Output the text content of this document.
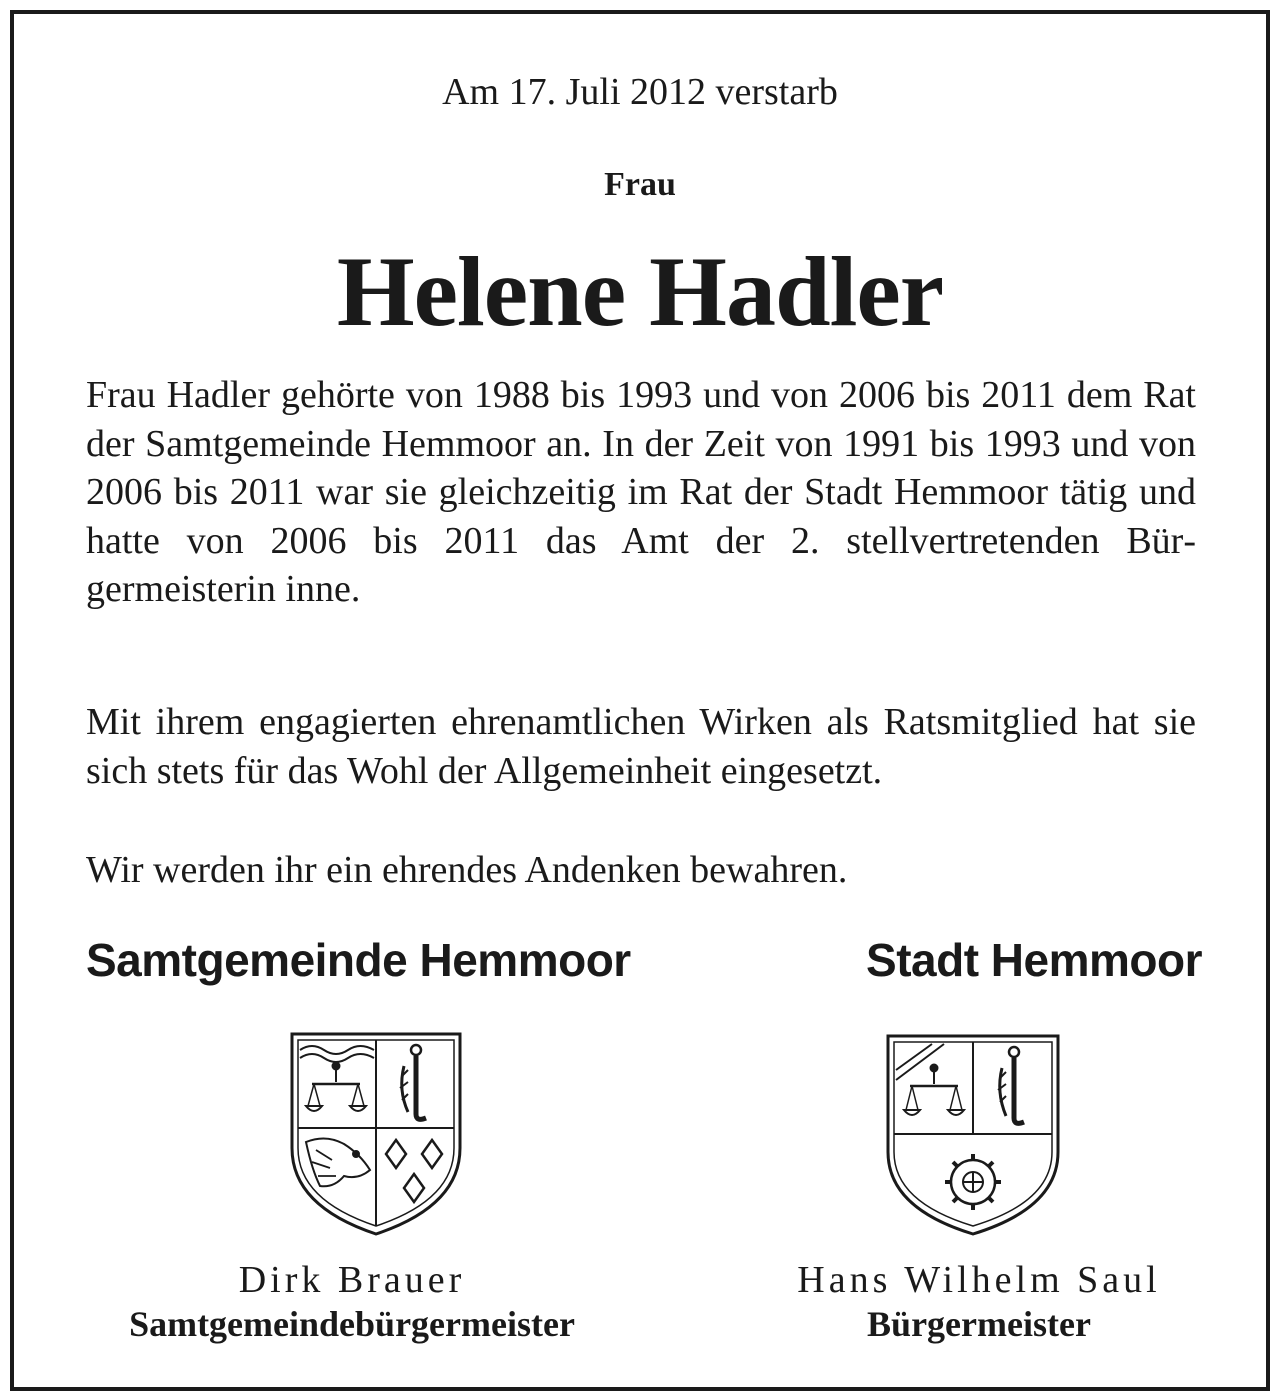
Am 17. Juli 2012 verstarb
Frau
Helene Hadler

Frau Hadler gehörte von 1988 bis 1993 und von 2006 bis 2011 dem Rat der Samtgemeinde Hemmoor an. In der Zeit von 1991 bis 1993 und von 2006 bis 2011 war sie gleichzeitig im Rat der Stadt Hemmoor tätig und hatte von 2006 bis 2011 das Amt der 2. stellvertretenden Bürgermeisterin inne.

Mit ihrem engagierten ehrenamtlichen Wirken als Ratsmitglied hat sie sich stets für das Wohl der Allgemeinheit eingesetzt.

Wir werden ihr ein ehrendes Andenken bewahren.

Samtgemeinde Hemmoor	Stadt Hemmoor
Dirk Brauer
Samtgemeindebürgermeister
Hans Wilhelm Saul
Bürgermeister
